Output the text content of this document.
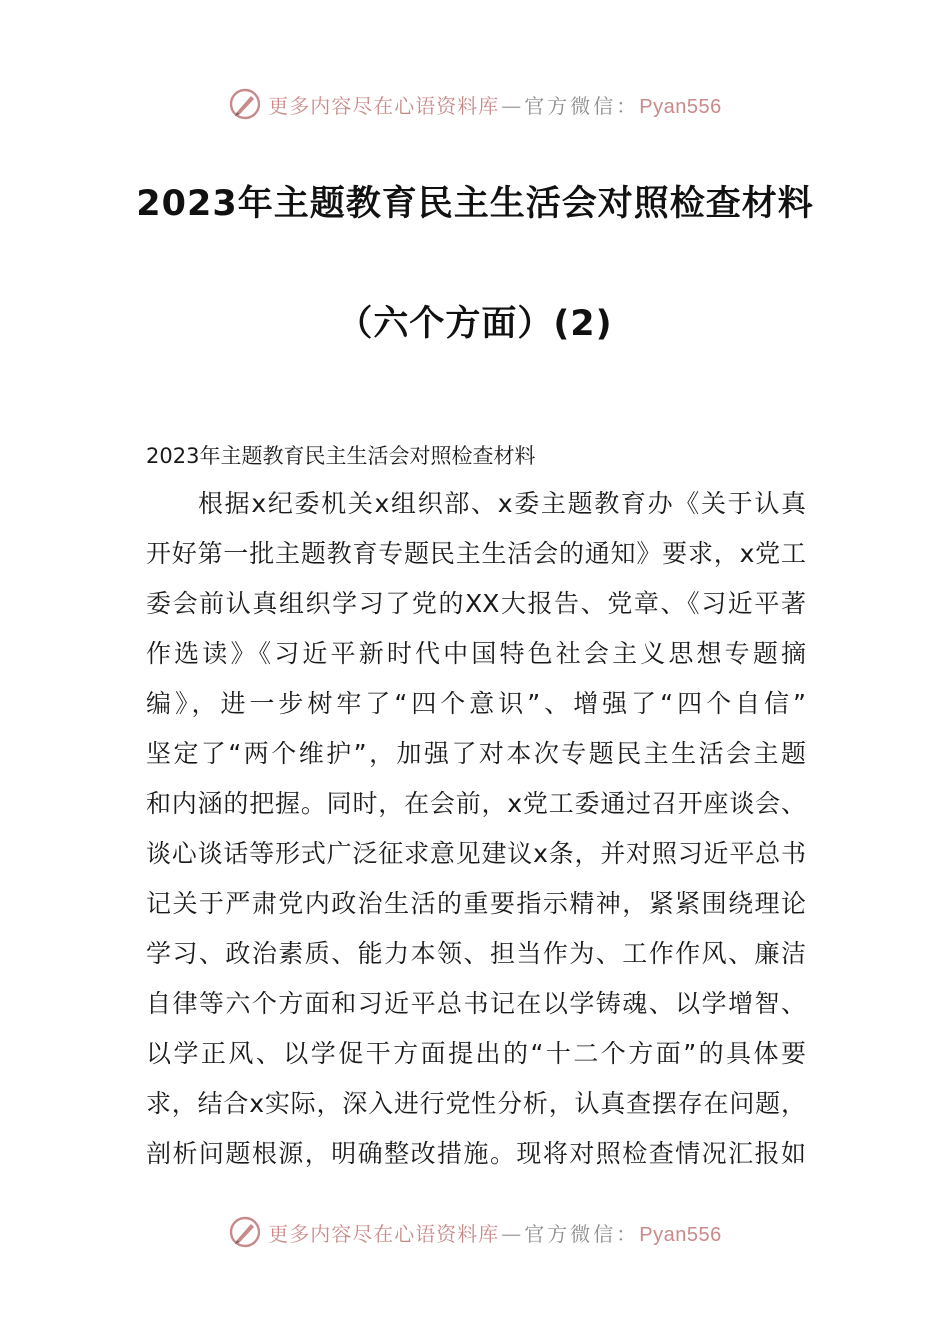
更多内容尽在心语资料库 — 官方微信：Pyan556
2023年主题教育民主生活会对照检查材料
（六个方面）(2)
2023年主题教育民主生活会对照检查材料
根据x纪委机关x组织部、x委主题教育办《关于认真
开好第一批主题教育专题民主生活会的通知》要求，x党工
委会前认真组织学习了党的XX大报告、党章、《习近平著
作选读》《习近平新时代中国特色社会主义思想专题摘
编》，进一步树牢了“四个意识”、增强了“四个自信”
坚定了“两个维护”，加强了对本次专题民主生活会主题
和内涵的把握。同时，在会前，x党工委通过召开座谈会、
谈心谈话等形式广泛征求意见建议x条，并对照习近平总书
记关于严肃党内政治生活的重要指示精神，紧紧围绕理论
学习、政治素质、能力本领、担当作为、工作作风、廉洁
自律等六个方面和习近平总书记在以学铸魂、以学增智、
以学正风、以学促干方面提出的“十二个方面”的具体要
求，结合x实际，深入进行党性分析，认真查摆存在问题，
剖析问题根源，明确整改措施。现将对照检查情况汇报如
更多内容尽在心语资料库 — 官方微信：Pyan556
